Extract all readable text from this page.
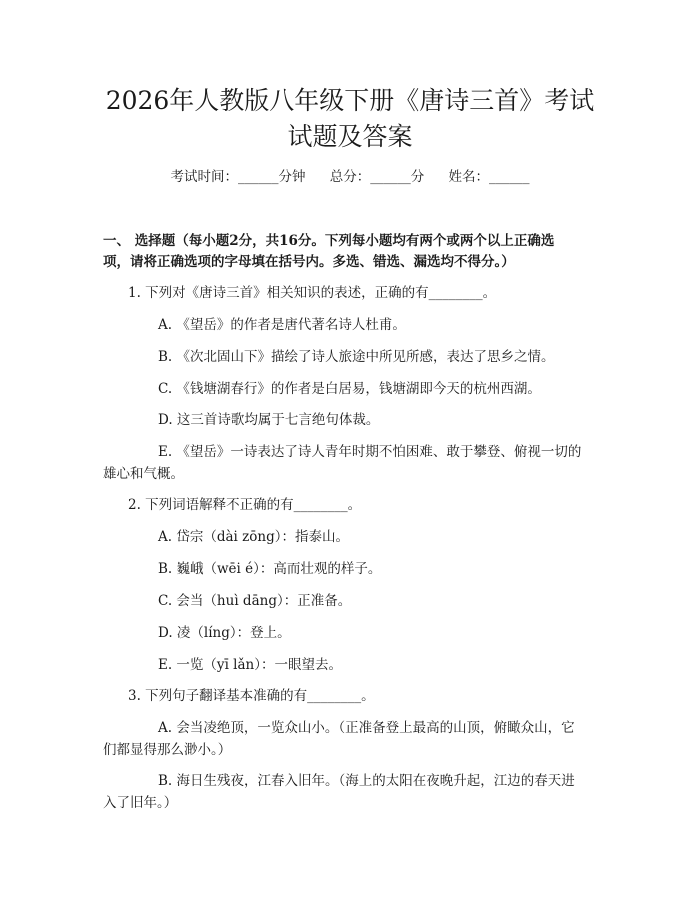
2026年人教版八年级下册《唐诗三首》考试
试题及答案
考试时间：______分钟 总分：______分 姓名：______
一、 选择题（每小题2分，共16分。下列每小题均有两个或两个以上正确选
项，请将正确选项的字母填在括号内。多选、错选、漏选均不得分。）
1. 下列对《唐诗三首》相关知识的表述，正确的有________。
A. 《望岳》的作者是唐代著名诗人杜甫。
B. 《次北固山下》描绘了诗人旅途中所见所感，表达了思乡之情。
C. 《钱塘湖春行》的作者是白居易，钱塘湖即今天的杭州西湖。
D. 这三首诗歌均属于七言绝句体裁。
E. 《望岳》一诗表达了诗人青年时期不怕困难、敢于攀登、俯视一切的
雄心和气概。
2. 下列词语解释不正确的有________。
A. 岱宗（dài zōng）：指泰山。
B. 巍峨（wēi é）：高而壮观的样子。
C. 会当（huì dāng）：正准备。
D. 凌（líng）：登上。
E. 一览（yī lǎn）：一眼望去。
3. 下列句子翻译基本准确的有________。
A. 会当凌绝顶，一览众山小。（正准备登上最高的山顶，俯瞰众山，它
们都显得那么渺小。）
B. 海日生残夜，江春入旧年。（海上的太阳在夜晚升起，江边的春天进
入了旧年。）
